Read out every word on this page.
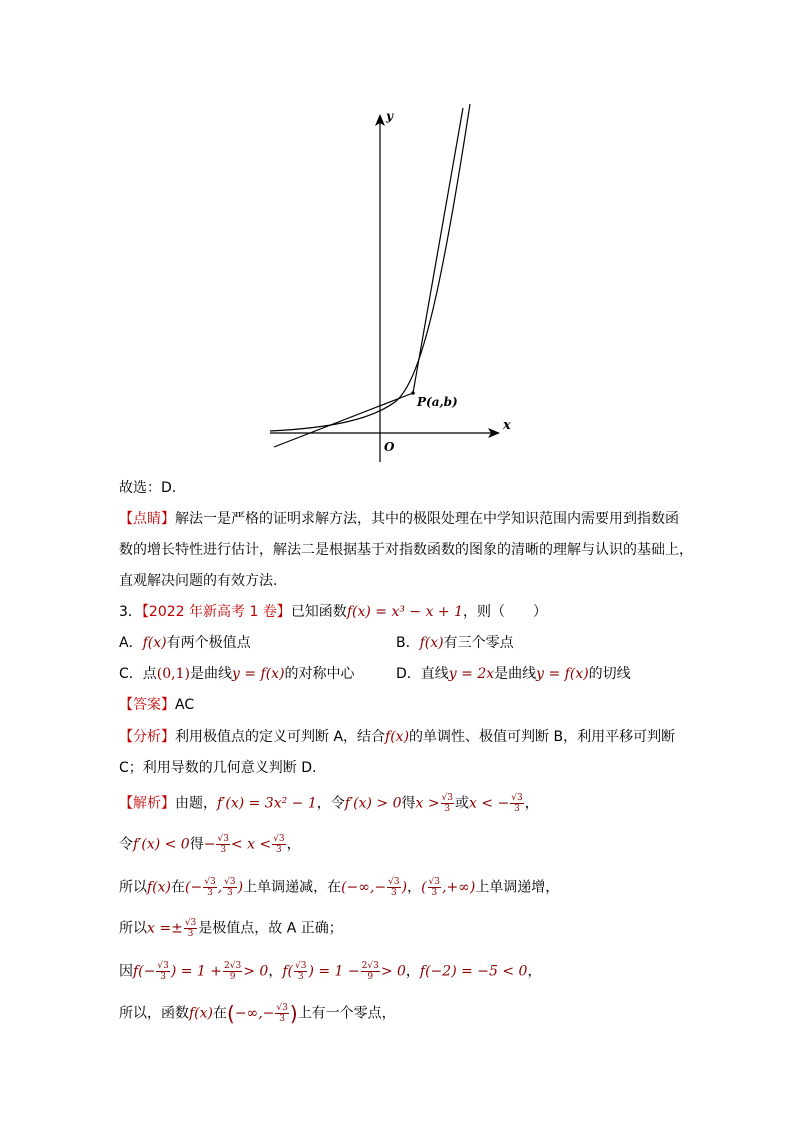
y
x
O
P(a,b)
故选：D.
【点睛】解法一是严格的证明求解方法，其中的极限处理在中学知识范围内需要用到指数函
数的增长特性进行估计，解法二是根据基于对指数函数的图象的清晰的理解与认识的基础上，
直观解决问题的有效方法.
3．【2022 年新高考 1 卷】已知函数f(x) = x³ − x + 1，则（　　）
A．f(x)有两个极值点	B．f(x)有三个零点
C．点(0,1)是曲线y = f(x)的对称中心	D．直线y = 2x是曲线y = f(x)的切线
【答案】AC
【分析】利用极值点的定义可判断 A，结合f(x)的单调性、极值可判断 B，利用平移可判断
C；利用导数的几何意义判断 D.
【解析】由题，f′(x) = 3x² − 1，令f′(x) > 0得$x > \frac{√3}{3}$ 或x < − $\frac{√3}{3}$ ，
令f′(x) < 0得− $\frac{√3}{3} < x < \frac{√3}{3}$ ，
所以f(x)在(− $\frac{√3}{3}$ , $\frac{√3}{3}$ )上单调递减，在(−∞,− $\frac{√3}{3}$ )，( $\frac{√3}{3}$ ,+∞)上单调递增，
所以$x =\pm \frac{√3}{3}$ 是极值点，故 A 正确；
因$f(- \frac{√3}{3}$ ) = $1 + \frac{2√3}{9} > 0$，$f( \frac{√3}{3}$ ) = $1 - \frac{2√3}{9} > 0$，f(−2) = −5 < 0，
所以，函数f(x)在(−∞,− $\frac{√3}{3}$ )上有一个零点，
